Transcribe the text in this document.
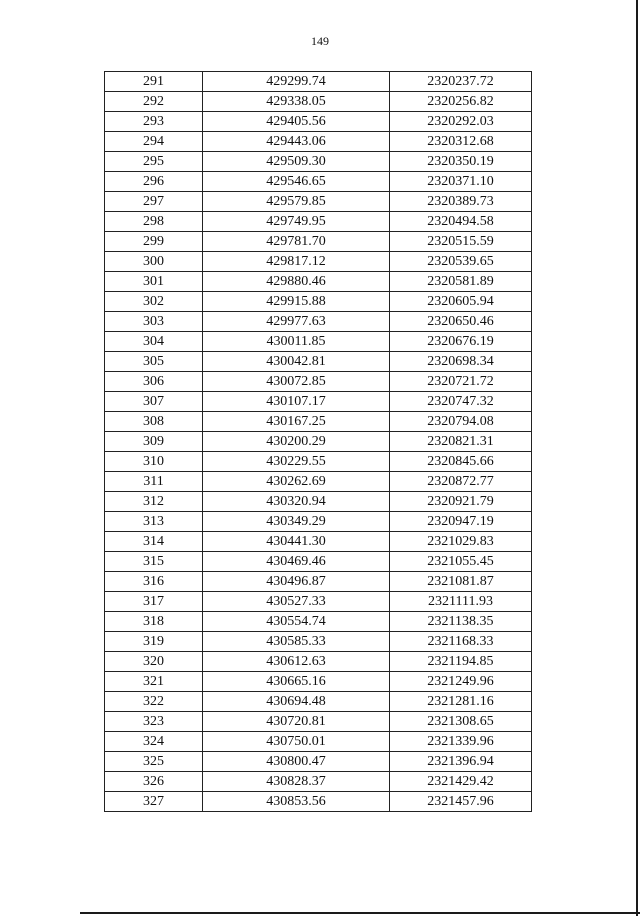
149
291	429299.74	2320237.72
292	429338.05	2320256.82
293	429405.56	2320292.03
294	429443.06	2320312.68
295	429509.30	2320350.19
296	429546.65	2320371.10
297	429579.85	2320389.73
298	429749.95	2320494.58
299	429781.70	2320515.59
300	429817.12	2320539.65
301	429880.46	2320581.89
302	429915.88	2320605.94
303	429977.63	2320650.46
304	430011.85	2320676.19
305	430042.81	2320698.34
306	430072.85	2320721.72
307	430107.17	2320747.32
308	430167.25	2320794.08
309	430200.29	2320821.31
310	430229.55	2320845.66
311	430262.69	2320872.77
312	430320.94	2320921.79
313	430349.29	2320947.19
314	430441.30	2321029.83
315	430469.46	2321055.45
316	430496.87	2321081.87
317	430527.33	2321111.93
318	430554.74	2321138.35
319	430585.33	2321168.33
320	430612.63	2321194.85
321	430665.16	2321249.96
322	430694.48	2321281.16
323	430720.81	2321308.65
324	430750.01	2321339.96
325	430800.47	2321396.94
326	430828.37	2321429.42
327	430853.56	2321457.96
